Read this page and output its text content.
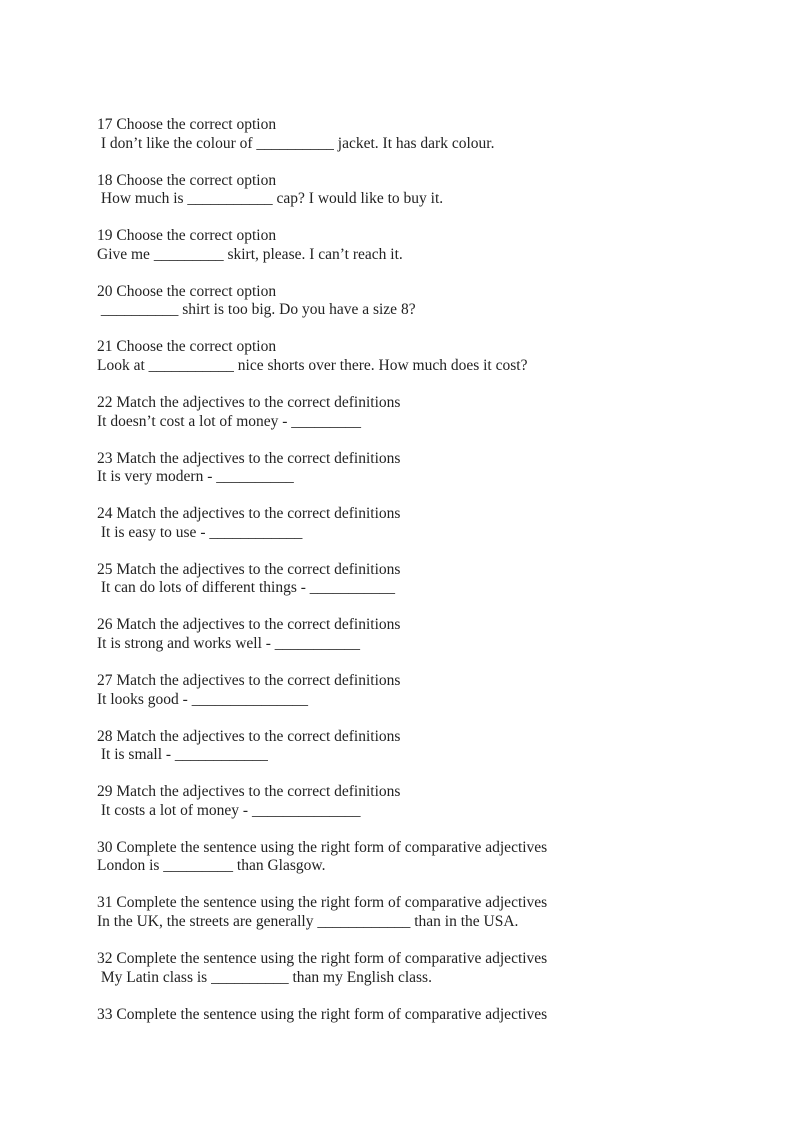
17 Choose the correct option

I don’t like the colour of __________ jacket. It has dark colour.

18 Choose the correct option

How much is ___________ cap? I would like to buy it.

19 Choose the correct option

Give me _________ skirt, please. I can’t reach it.

20 Choose the correct option

__________ shirt is too big. Do you have a size 8?

21 Choose the correct option

Look at ___________ nice shorts over there. How much does it cost?

22 Match the adjectives to the correct definitions

It doesn’t cost a lot of money - _________

23 Match the adjectives to the correct definitions

It is very modern - __________

24 Match the adjectives to the correct definitions

It is easy to use - ____________

25 Match the adjectives to the correct definitions

It can do lots of different things - ___________

26 Match the adjectives to the correct definitions

It is strong and works well - ___________

27 Match the adjectives to the correct definitions

It looks good - _______________

28 Match the adjectives to the correct definitions

It is small - ____________

29 Match the adjectives to the correct definitions

It costs a lot of money - ______________

30 Complete the sentence using the right form of comparative adjectives

London is _________ than Glasgow.

31 Complete the sentence using the right form of comparative adjectives

In the UK, the streets are generally ____________ than in the USA.

32 Complete the sentence using the right form of comparative adjectives

My Latin class is __________ than my English class.

33 Complete the sentence using the right form of comparative adjectives
